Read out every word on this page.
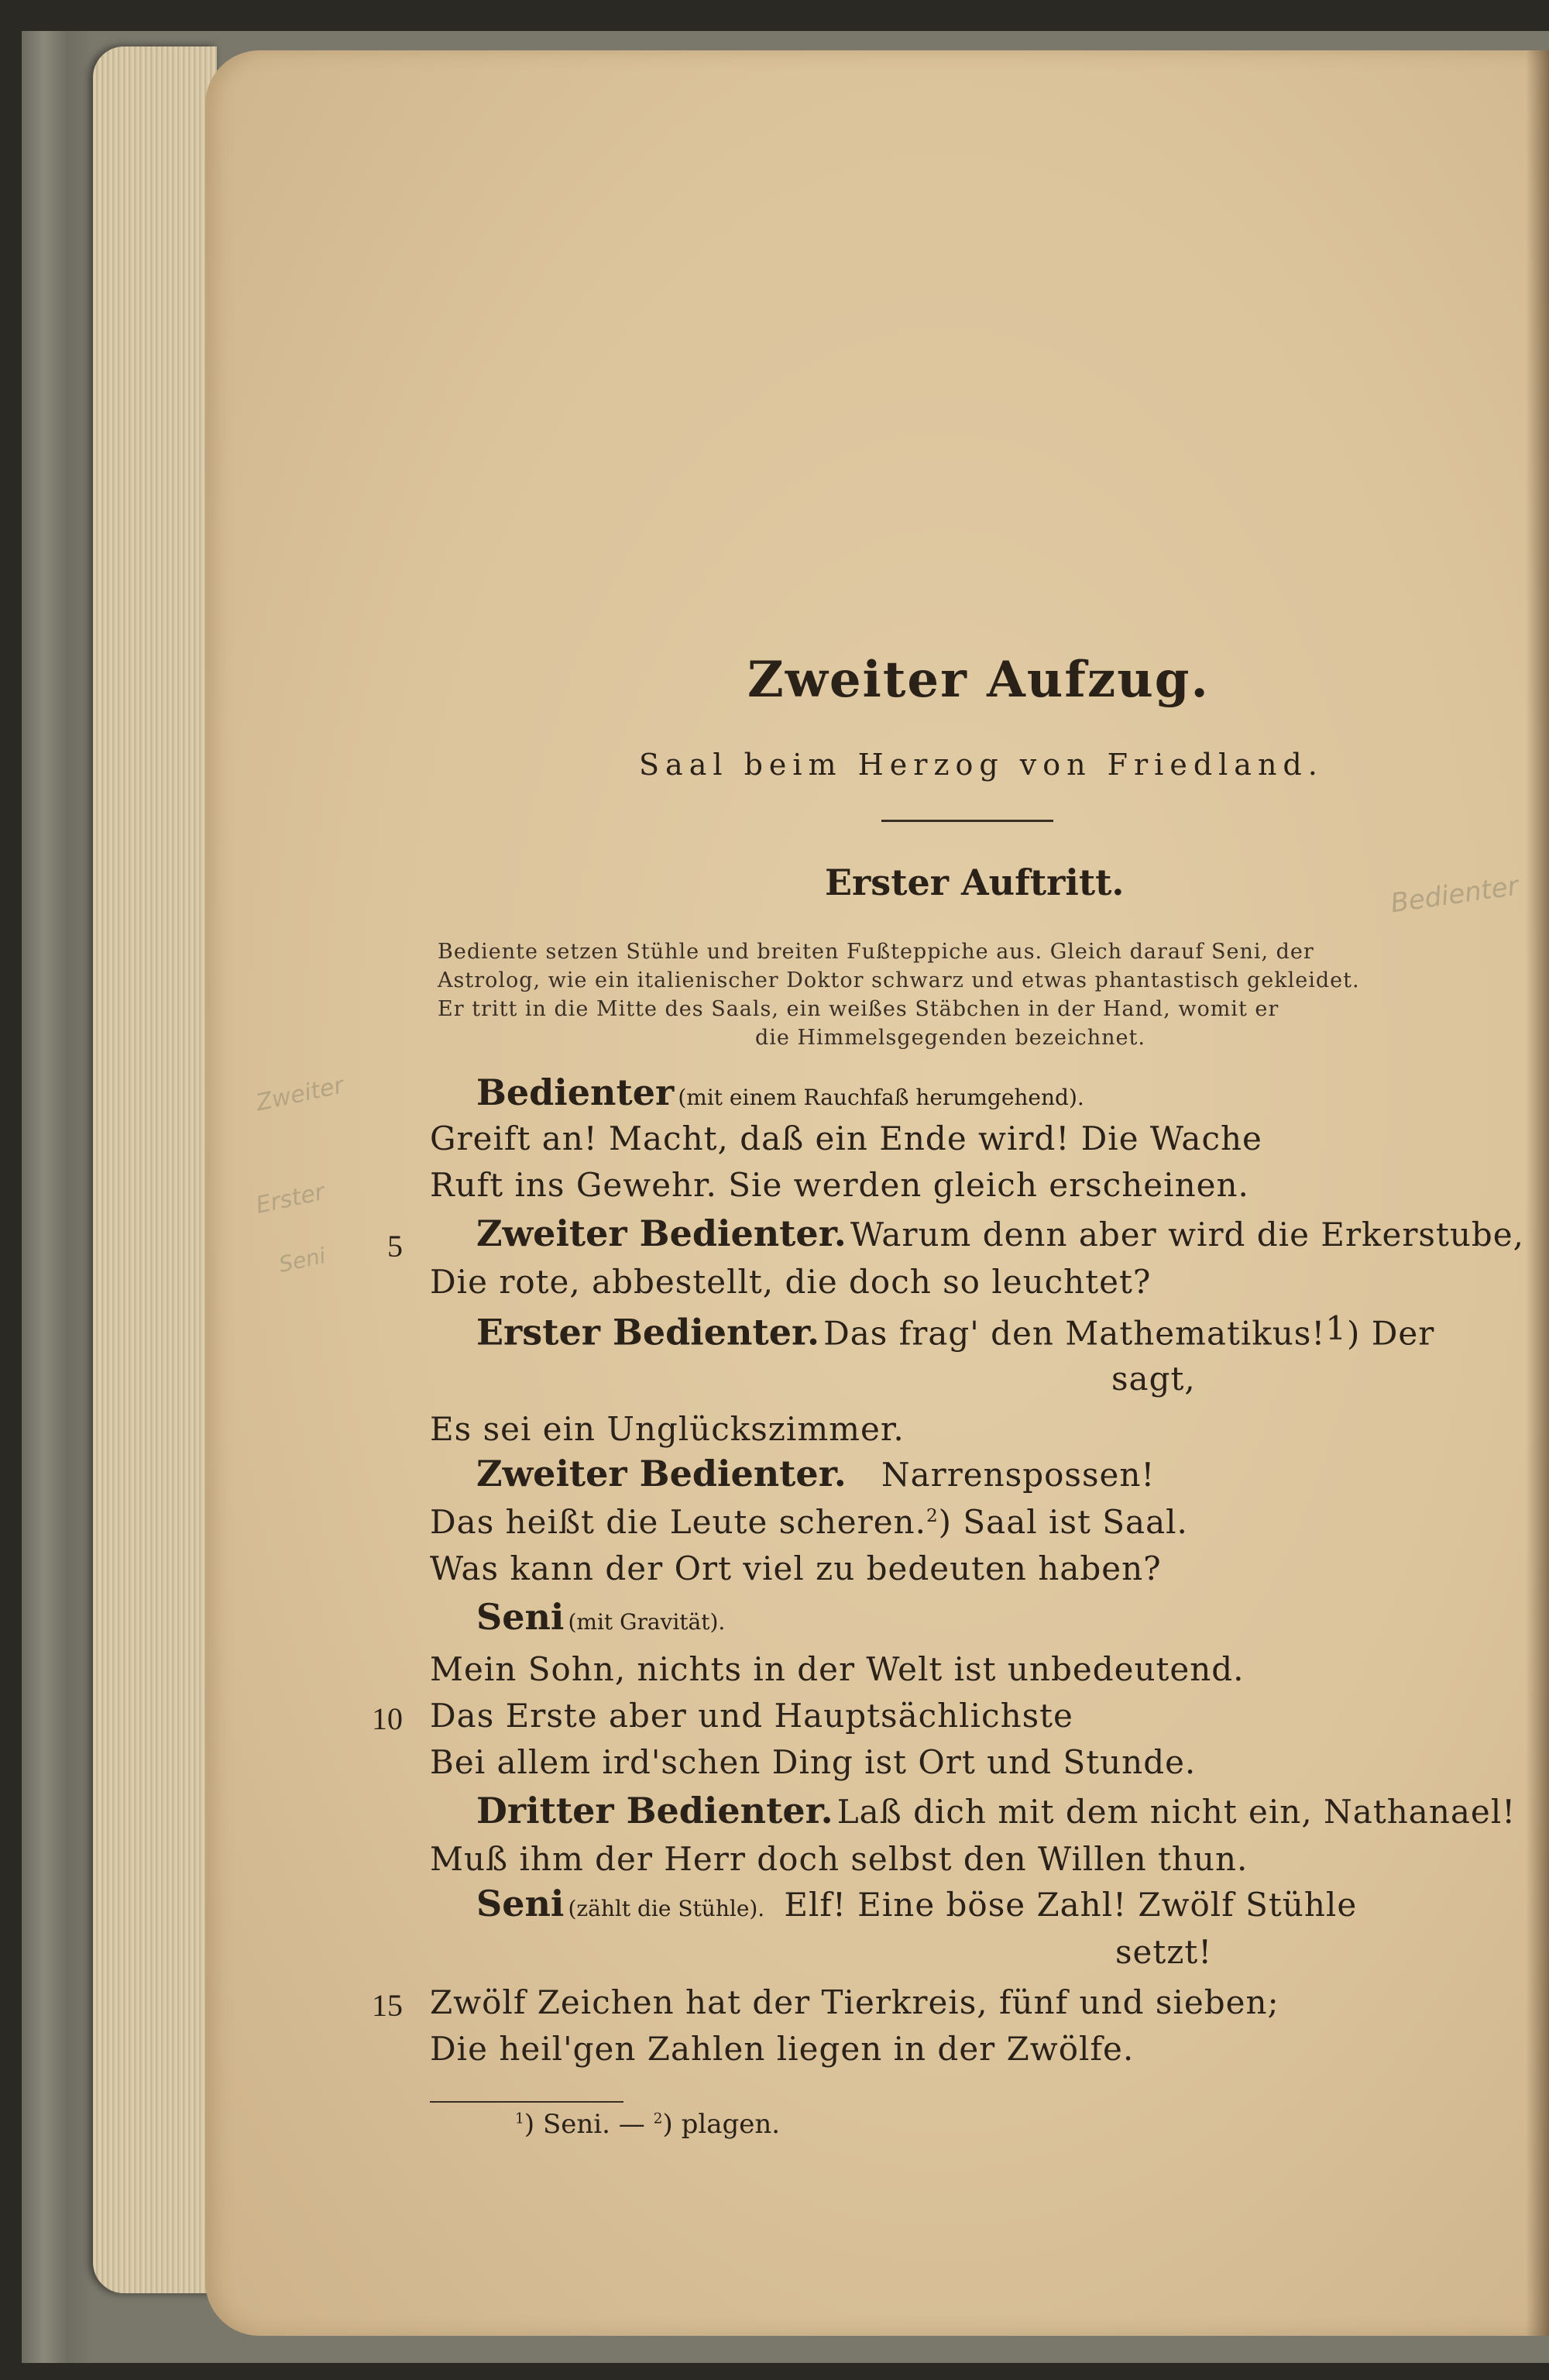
Zweiter Aufzug.
Saal beim Herzog von Friedland.
Erster Auftritt.
Bediente setzen Stühle und breiten Fußteppiche aus. Gleich darauf Seni, der
Astrolog, wie ein italienischer Doktor schwarz und etwas phantastisch gekleidet.
Er tritt in die Mitte des Saals, ein weißes Stäbchen in der Hand, womit er
die Himmelsgegenden bezeichnet.
Bedienter
Zweiter
Erster
Seni
Bedienter (mit einem Rauchfaß herumgehend).
Greift an! Macht, daß ein Ende wird! Die Wache
Ruft ins Gewehr. Sie werden gleich erscheinen.
5 Zweiter Bedienter. Warum denn aber wird die Erkerstube,
Die rote, abbestellt, die doch so leuchtet?
Erster Bedienter. Das frag' den Mathematikus!$^1$) Der
sagt,
Es sei ein Unglückszimmer.
Zweiter Bedienter. Narrenspossen!
Das heißt die Leute scheren.$^2$) Saal ist Saal.
Was kann der Ort viel zu bedeuten haben?
Seni (mit Gravität).
Mein Sohn, nichts in der Welt ist unbedeutend.
10 Das Erste aber und Hauptsächlichste
Bei allem ird'schen Ding ist Ort und Stunde.
Dritter Bedienter. Laß dich mit dem nicht ein, Nathanael!
Muß ihm der Herr doch selbst den Willen thun.
Seni (zählt die Stühle). Elf! Eine böse Zahl! Zwölf Stühle
setzt!
15 Zwölf Zeichen hat der Tierkreis, fünf und sieben;
Die heil'gen Zahlen liegen in der Zwölfe.
$^1$) Seni. — $^2$) plagen.
